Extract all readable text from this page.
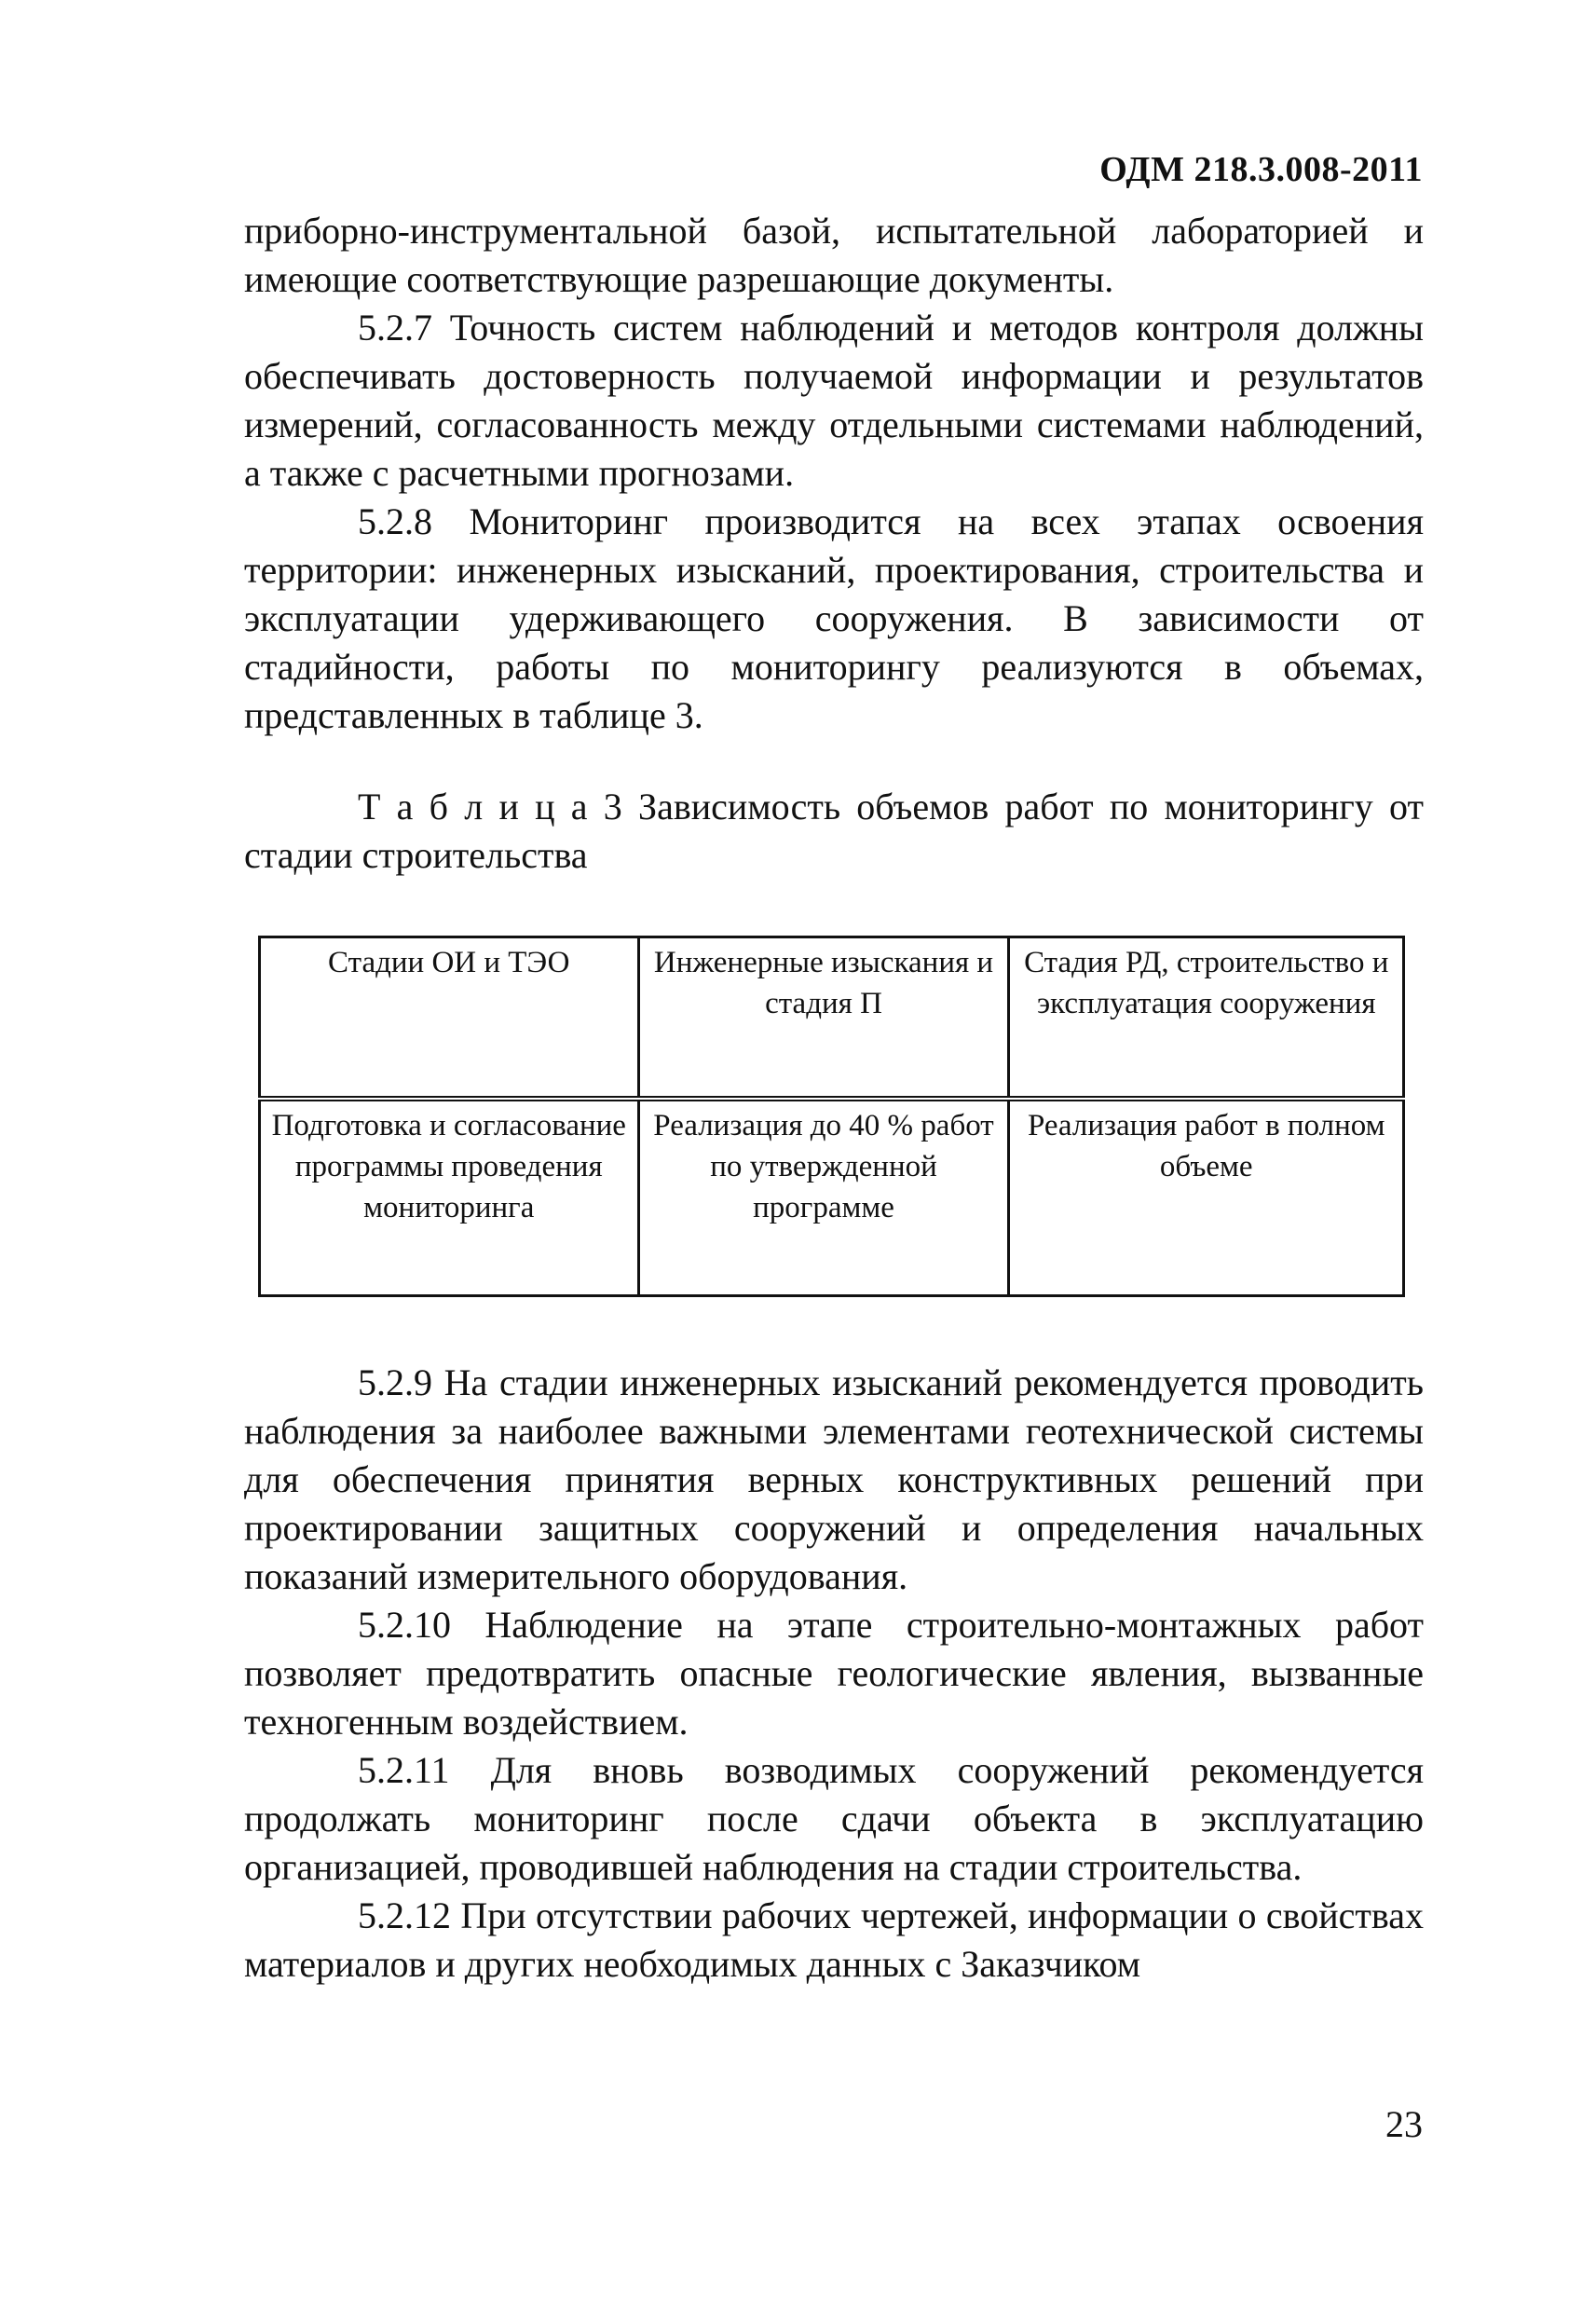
ОДМ 218.3.008-2011

приборно-инструментальной базой, испытательной лабораторией и имеющие соответствующие разрешающие документы.

5.2.7 Точность систем наблюдений и методов контроля должны обеспечивать достоверность получаемой информации и результатов измерений, согласованность между отдельными системами наблюдений, а также с расчетными прогнозами.

5.2.8 Мониторинг производится на всех этапах освоения территории: инженерных изысканий, проектирования, строительства и эксплуатации удерживающего сооружения. В зависимости от стадийности, работы по мониторингу реализуются в объемах, представленных в таблице 3.

Т а б л и ц а 3 Зависимость объемов работ по мониторингу от стадии строительства

Стадии ОИ и ТЭО	Инженерные изыскания и стадия П	Стадия РД, строительство и эксплуатация сооружения
Подготовка и согласование программы проведения мониторинга	Реализация до 40 % работ по утвержденной программе	Реализация работ в полном объеме

5.2.9 На стадии инженерных изысканий рекомендуется проводить наблюдения за наиболее важными элементами геотехнической системы для обеспечения принятия верных конструктивных решений при проектировании защитных сооружений и определения начальных показаний измерительного оборудования.

5.2.10 Наблюдение на этапе строительно-монтажных работ позволяет предотвратить опасные геологические явления, вызванные техногенным воздействием.

5.2.11 Для вновь возводимых сооружений рекомендуется продолжать мониторинг после сдачи объекта в эксплуатацию организацией, проводившей наблюдения на стадии строительства.

5.2.12 При отсутствии рабочих чертежей, информации о свойствах материалов и других необходимых данных с Заказчиком

23
